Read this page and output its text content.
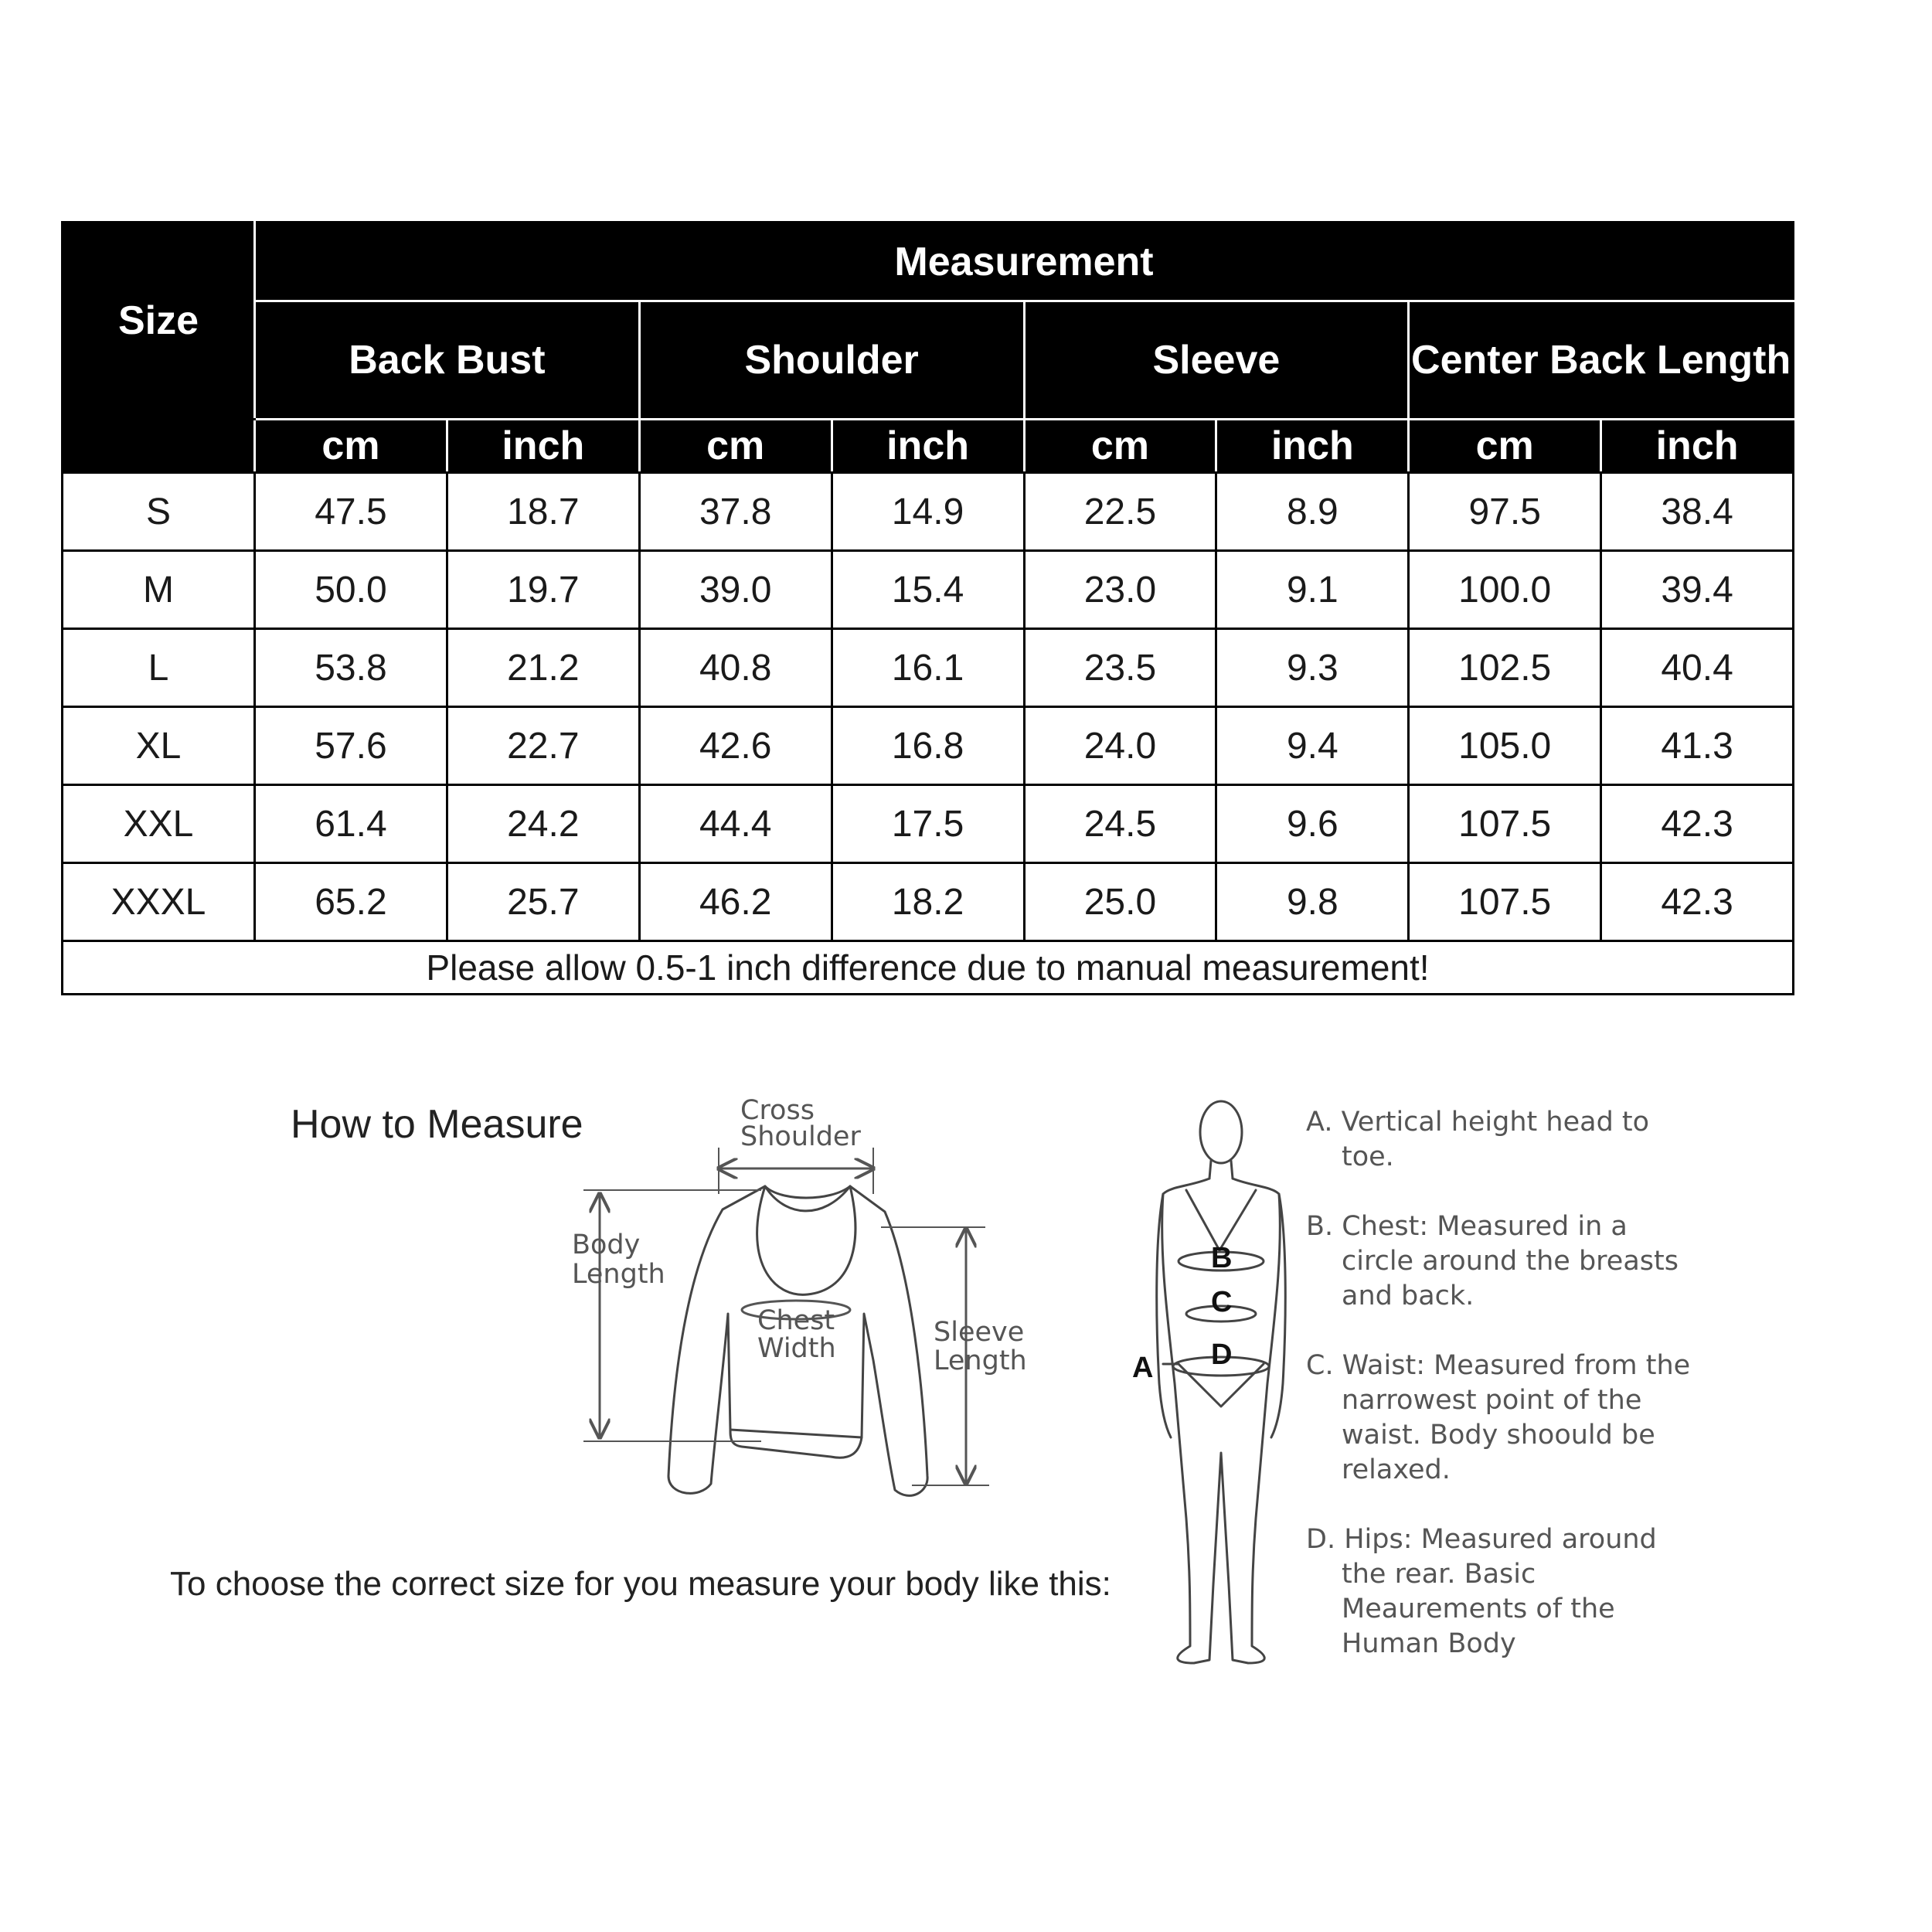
Size	Measurement							
	Back Bust		Shoulder		Sleeve		Center Back Length	
	cm	inch	cm	inch	cm	inch	cm	inch
S	47.5	18.7	37.8	14.9	22.5	8.9	97.5	38.4
M	50.0	19.7	39.0	15.4	23.0	9.1	100.0	39.4
L	53.8	21.2	40.8	16.1	23.5	9.3	102.5	40.4
XL	57.6	22.7	42.6	16.8	24.0	9.4	105.0	41.3
XXL	61.4	24.2	44.4	17.5	24.5	9.6	107.5	42.3
XXXL	65.2	25.7	46.2	18.2	25.0	9.8	107.5	42.3
Please allow 0.5-1 inch difference due to manual measurement!								
How to Measure
To choose the correct size for you measure your body like this:
Cross
Shoulder
Body
Length
Chest
Width
Sleeve
Length	A
B
C
D

A. Vertical height head to toe.

B. Chest: Measured in a circle around the breasts and back.

C. Waist: Measured from the narrowest point of the waist. Body shoould be relaxed.

D. Hips: Measured around the rear. Basic Meaurements of the Human Body
